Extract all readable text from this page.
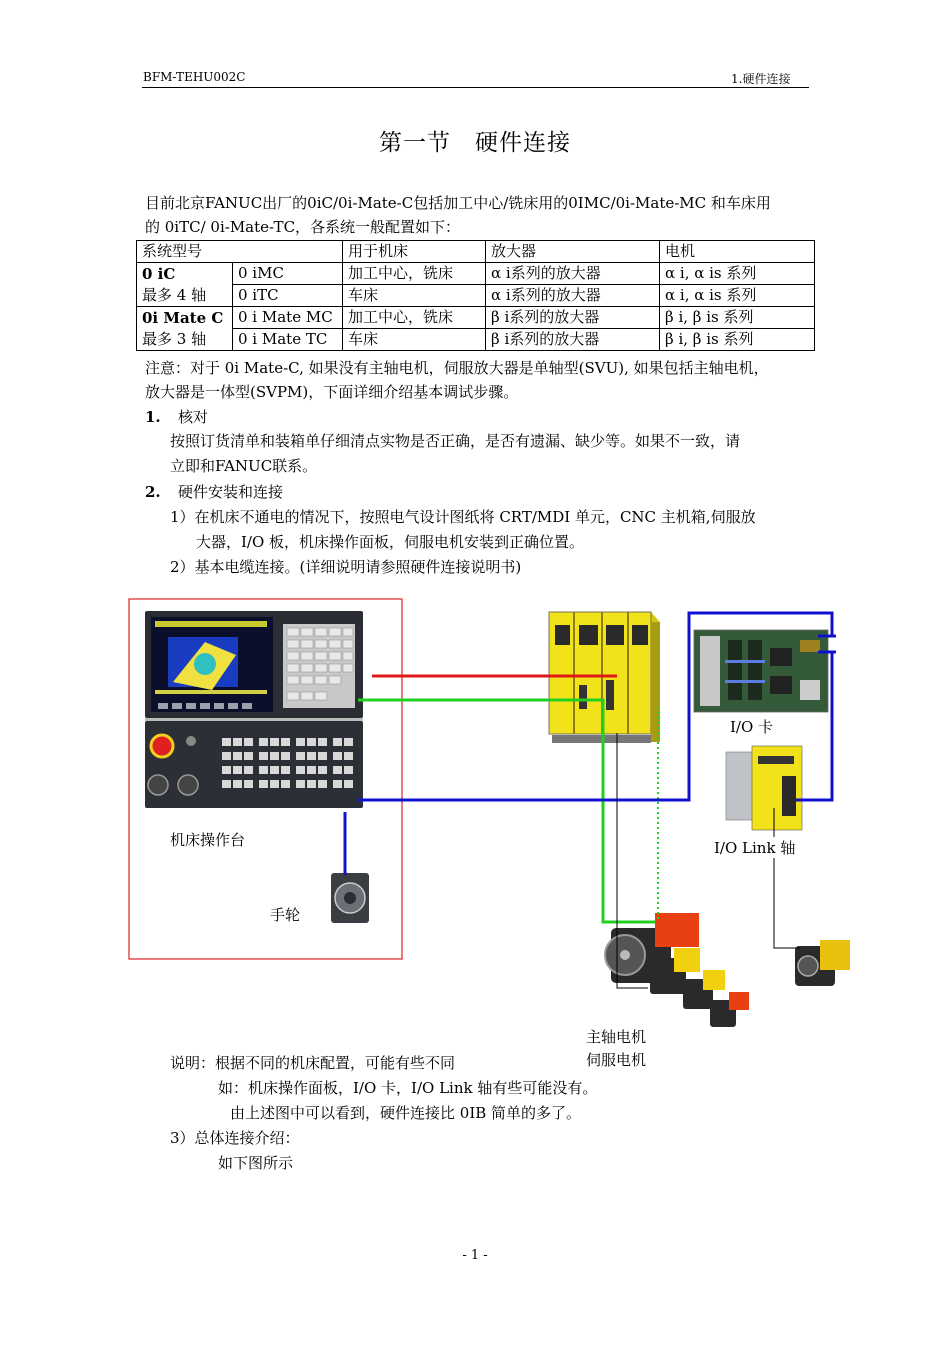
BFM-TEHU002C	1.硬件连接
第一节　硬件连接
目前北京FANUC出厂的0iC/0i-Mate-C包括加工中心/铣床用的0IMC/0i-Mate-MC 和车床用
的 0iTC/ 0i-Mate-TC，各系统一般配置如下：
系统型号		用于机床	放大器	电机

0 iC
最多 4 轴	0 iMC	加工中心，铣床	α i系列的放大器	α i, α is 系列
	0 iTC	车床	α i系列的放大器	α i, α is 系列

0i Mate C
最多 3 轴	0 i Mate MC	加工中心，铣床	β i系列的放大器	β i, β is 系列
	0 i Mate TC	车床	β i系列的放大器	β i, β is 系列
注意：对于 0i Mate-C, 如果没有主轴电机，伺服放大器是单轴型(SVU), 如果包括主轴电机，
放大器是一体型(SVPM)，下面详细介绍基本调试步骤。
1. 核对
按照订货清单和装箱单仔细清点实物是否正确，是否有遗漏、缺少等。如果不一致，请
立即和FANUC联系。
2. 硬件安装和连接
1）在机床不通电的情况下，按照电气设计图纸将 CRT/MDI 单元，CNC 主机箱,伺服放
大器，I/O 板，机床操作面板，伺服电机安装到正确位置。
2）基本电缆连接。(详细说明请参照硬件连接说明书)
机床操作台
手轮
I/O 卡
I/O Link 轴
主轴电机
伺服电机
说明：根据不同的机床配置，可能有些不同
如：机床操作面板，I/O 卡，I/O Link 轴有些可能没有。
由上述图中可以看到，硬件连接比 0IB 简单的多了。
3）总体连接介绍：
如下图所示
- 1 -
